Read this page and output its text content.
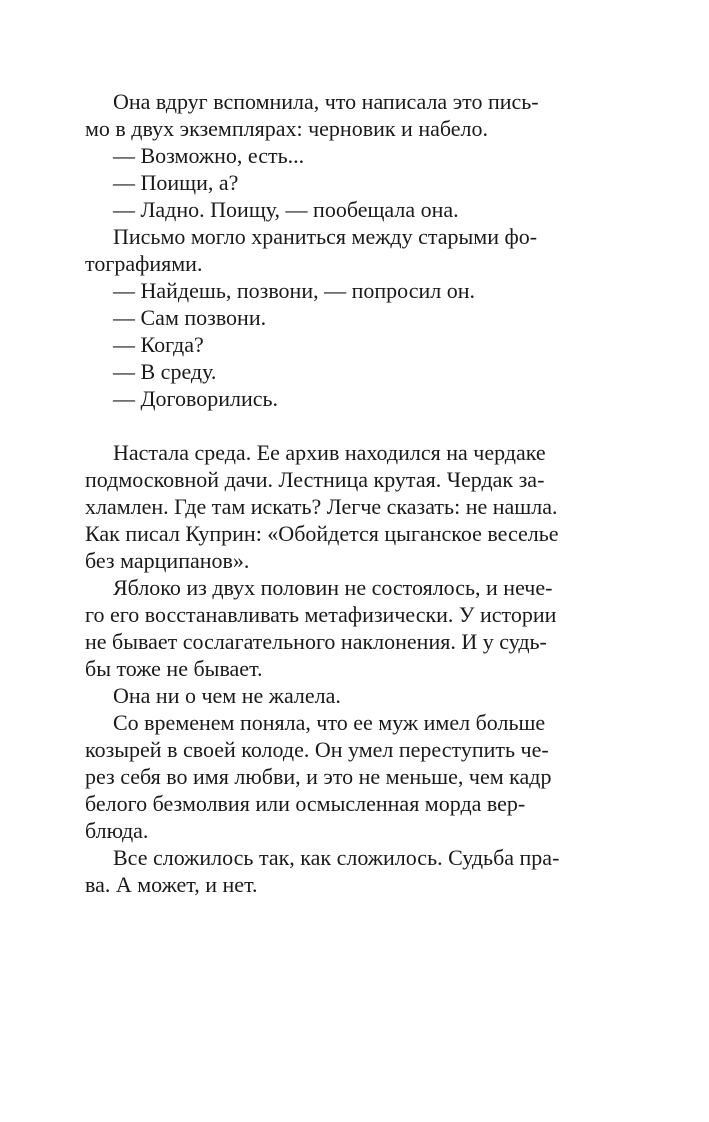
Она вдруг вспомнила, что написала это пись-
мо в двух экземплярах: черновик и набело.
— Возможно, есть...
— Поищи, а?
— Ладно. Поищу, — пообещала она.
Письмо могло храниться между старыми фо-
тографиями.
— Найдешь, позвони, — попросил он.
— Сам позвони.
— Когда?
— В среду.
— Договорились.
Настала среда. Ее архив находился на чердаке
подмосковной дачи. Лестница крутая. Чердак за-
хламлен. Где там искать? Легче сказать: не нашла.
Как писал Куприн: «Обойдется цыганское веселье
без марципанов».
Яблоко из двух половин не состоялось, и нече-
го его восстанавливать метафизически. У истории
не бывает сослагательного наклонения. И у судь-
бы тоже не бывает.
Она ни о чем не жалела.
Со временем поняла, что ее муж имел больше
козырей в своей колоде. Он умел переступить че-
рез себя во имя любви, и это не меньше, чем кадр
белого безмолвия или осмысленная морда вер-
блюда.
Все сложилось так, как сложилось. Судьба пра-
ва. А может, и нет.
